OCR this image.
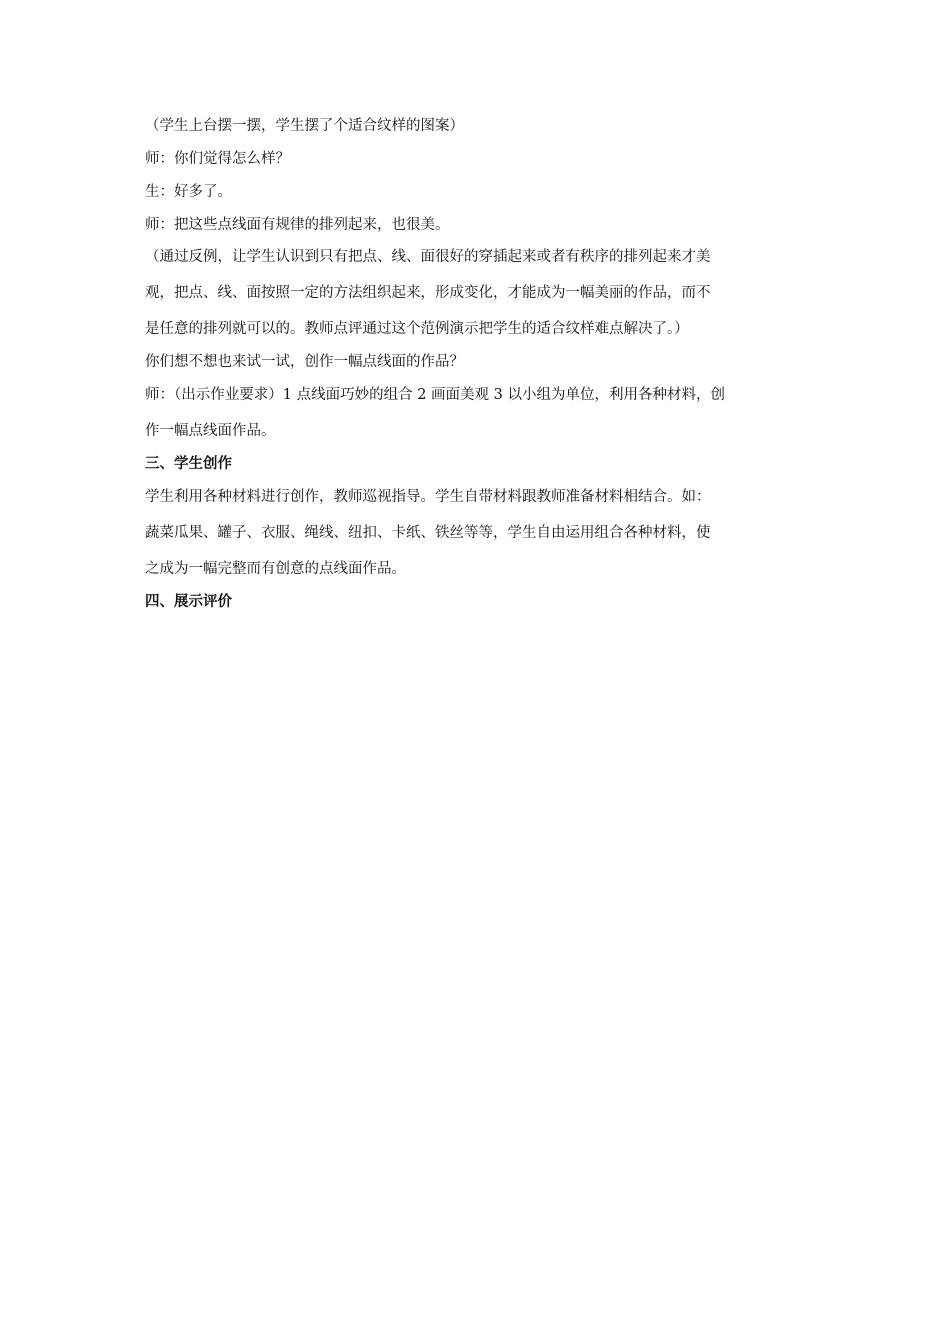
（学生上台摆一摆，学生摆了个适合纹样的图案）
师：你们觉得怎么样？
生：好多了。
师：把这些点线面有规律的排列起来，也很美。
（通过反例，让学生认识到只有把点、线、面很好的穿插起来或者有秩序的排列起来才美
观，把点、线、面按照一定的方法组织起来，形成变化，才能成为一幅美丽的作品，而不
是任意的排列就可以的。教师点评通过这个范例演示把学生的适合纹样难点解决了。）
你们想不想也来试一试，创作一幅点线面的作品？
师：（出示作业要求）1 点线面巧妙的组合 2 画面美观 3 以小组为单位，利用各种材料，创
作一幅点线面作品。
三、学生创作
学生利用各种材料进行创作，教师巡视指导。学生自带材料跟教师准备材料相结合。如：
蔬菜瓜果、罐子、衣服、绳线、纽扣、卡纸、铁丝等等，学生自由运用组合各种材料，使
之成为一幅完整而有创意的点线面作品。
四、展示评价
